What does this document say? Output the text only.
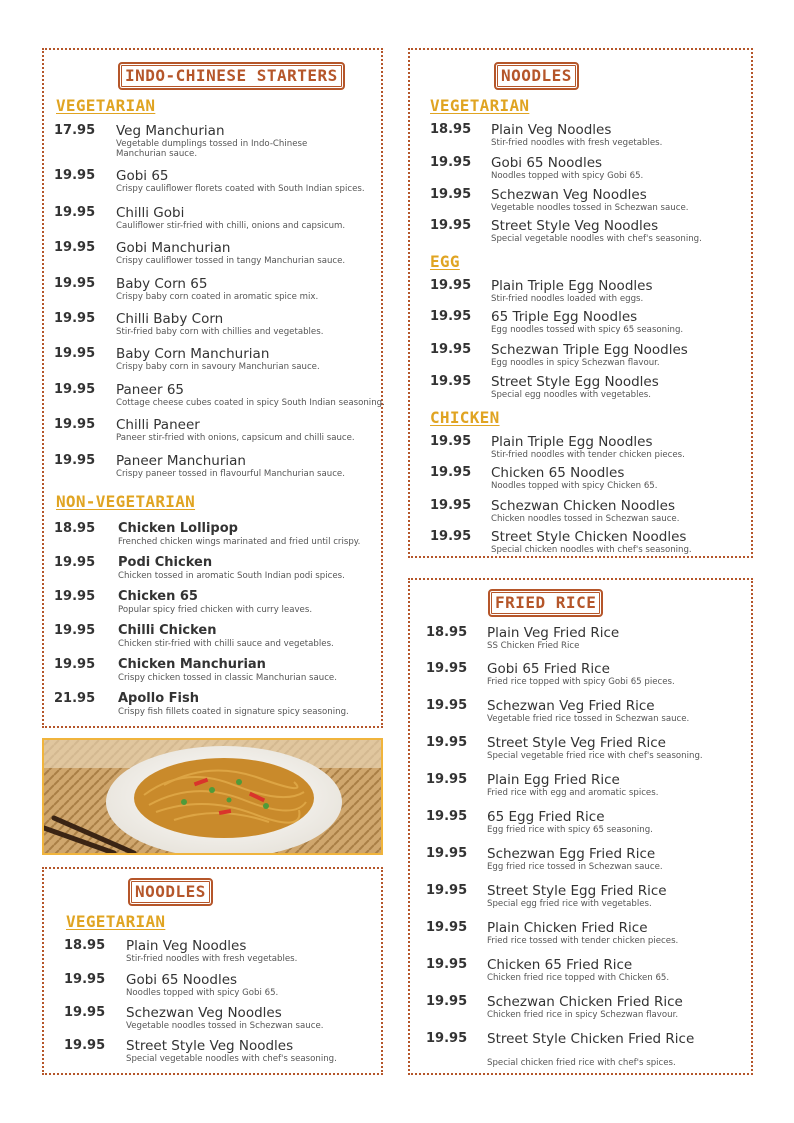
INDO-CHINESE STARTERS
VEGETARIAN
17.95 Veg Manchurian
Vegetable dumplings tossed in Indo-Chinese Manchurian sauce.
19.95 Gobi 65
Crispy cauliflower florets coated with South Indian spices.
19.95 Chilli Gobi
Cauliflower stir-fried with chilli, onions and capsicum.
19.95 Gobi Manchurian
Crispy cauliflower tossed in tangy Manchurian sauce.
19.95 Baby Corn 65
Crispy baby corn coated in aromatic spice mix.
19.95 Chilli Baby Corn
Stir-fried baby corn with chillies and vegetables.
19.95 Baby Corn Manchurian
Crispy baby corn in savoury Manchurian sauce.
19.95 Paneer 65
Cottage cheese cubes coated in spicy South Indian seasoning.
19.95 Chilli Paneer
Paneer stir-fried with onions, capsicum and chilli sauce.
19.95 Paneer Manchurian
Crispy paneer tossed in flavourful Manchurian sauce.
NON-VEGETARIAN
18.95 Chicken Lollipop
Frenched chicken wings marinated and fried until crispy.
19.95 Podi Chicken
Chicken tossed in aromatic South Indian podi spices.
19.95 Chicken 65
Popular spicy fried chicken with curry leaves.
19.95 Chilli Chicken
Chicken stir-fried with chilli sauce and vegetables.
19.95 Chicken Manchurian
Crispy chicken tossed in classic Manchurian sauce.
21.95 Apollo Fish
Crispy fish fillets coated in signature spicy seasoning.
NOODLES
VEGETARIAN
18.95 Plain Veg Noodles
Stir-fried noodles with fresh vegetables.
19.95 Gobi 65 Noodles
Noodles topped with spicy Gobi 65.
19.95 Schezwan Veg Noodles
Vegetable noodles tossed in Schezwan sauce.
19.95 Street Style Veg Noodles
Special vegetable noodles with chef's seasoning.
NOODLES
VEGETARIAN
18.95 Plain Veg Noodles
Stir-fried noodles with fresh vegetables.
19.95 Gobi 65 Noodles
Noodles topped with spicy Gobi 65.
19.95 Schezwan Veg Noodles
Vegetable noodles tossed in Schezwan sauce.
19.95 Street Style Veg Noodles
Special vegetable noodles with chef's seasoning.
EGG
19.95 Plain Triple Egg Noodles
Stir-fried noodles loaded with eggs.
19.95 65 Triple Egg Noodles
Egg noodles tossed with spicy 65 seasoning.
19.95 Schezwan Triple Egg Noodles
Egg noodles in spicy Schezwan flavour.
19.95 Street Style Egg Noodles
Special egg noodles with vegetables.
CHICKEN
19.95 Plain Triple Egg Noodles
Stir-fried noodles with tender chicken pieces.
19.95 Chicken 65 Noodles
Noodles topped with spicy Chicken 65.
19.95 Schezwan Chicken Noodles
Chicken noodles tossed in Schezwan sauce.
19.95 Street Style Chicken Noodles
Special chicken noodles with chef's seasoning.
FRIED RICE
18.95 Plain Veg Fried Rice
SS Chicken Fried Rice
19.95 Gobi 65 Fried Rice
Fried rice topped with spicy Gobi 65 pieces.
19.95 Schezwan Veg Fried Rice
Vegetable fried rice tossed in Schezwan sauce.
19.95 Street Style Veg Fried Rice
Special vegetable fried rice with chef's seasoning.
19.95 Plain Egg Fried Rice
Fried rice with egg and aromatic spices.
19.95 65 Egg Fried Rice
Egg fried rice with spicy 65 seasoning.
19.95 Schezwan Egg Fried Rice
Egg fried rice tossed in Schezwan sauce.
19.95 Street Style Egg Fried Rice
Special egg fried rice with vegetables.
19.95 Plain Chicken Fried Rice
Fried rice tossed with tender chicken pieces.
19.95 Chicken 65 Fried Rice
Chicken fried rice topped with Chicken 65.
19.95 Schezwan Chicken Fried Rice
Chicken fried rice in spicy Schezwan flavour.
19.95 Street Style Chicken Fried Rice
Special chicken fried rice with chef's spices.
